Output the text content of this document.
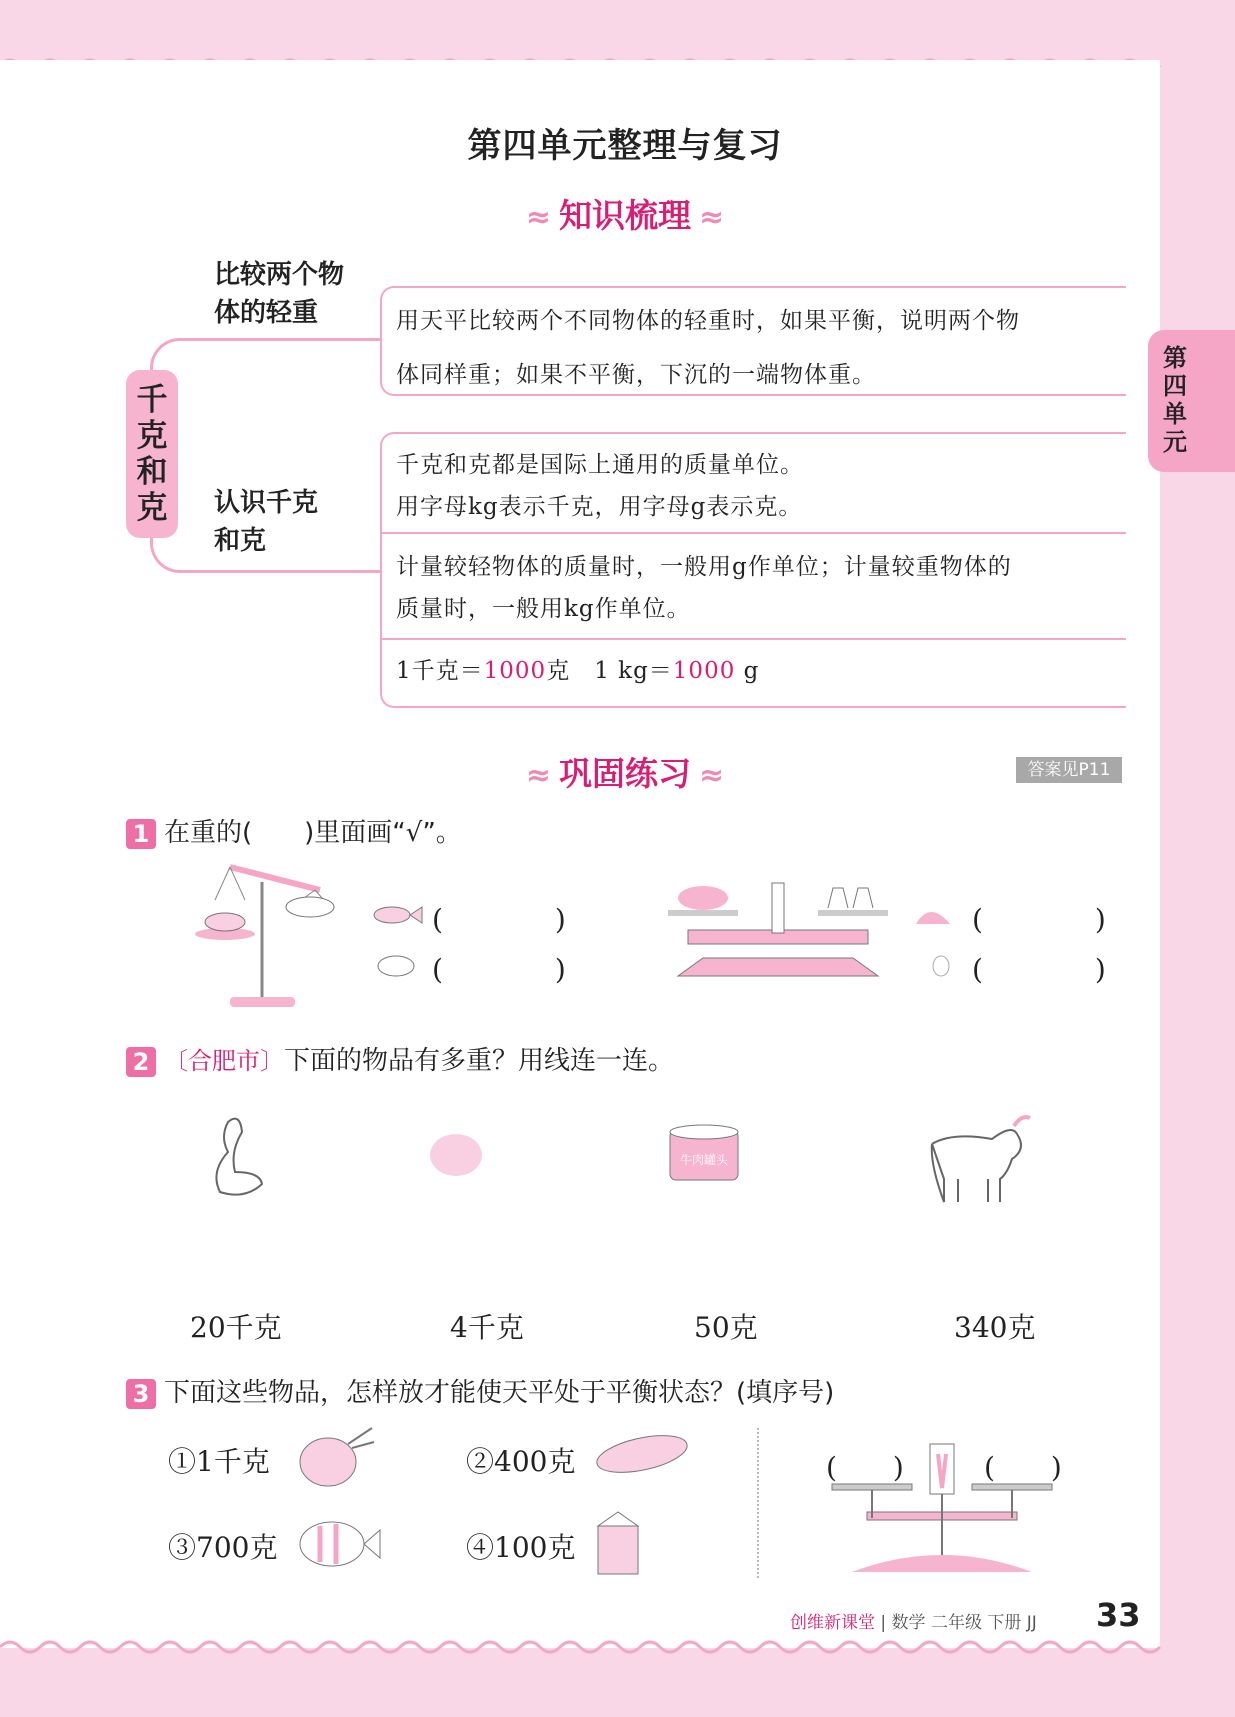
第四单元整理与复习
第四单元
≈ 知识梳理 ≈
千克和克
比较两个物
体的轻重
认识千克
和克

用天平比较两个不同物体的轻重时，如果平衡，说明两个物

体同样重；如果不平衡，下沉的一端物体重。

千克和克都是国际上通用的质量单位。

用字母kg表示千克，用字母g表示克。

计量较轻物体的质量时，一般用g作单位；计量较重物体的

质量时，一般用kg作单位。

1千克＝1000克　1 kg＝1000 g

≈ 巩固练习 ≈	答案见P11
1 在重的(　　)里面画“√”。
(　　　　)
(　　　　)
(　　　　)
(　　　　)
2 〔合肥市〕下面的物品有多重？用线连一连。
牛肉罐头
20千克	4千克	50克	340克
3 下面这些物品，怎样放才能使天平处于平衡状态？(填序号)
①1千克	②400克
③700克	④100克
(　　)	(　　)
创维新课堂 | 数学 二年级 下册 JJ 33
